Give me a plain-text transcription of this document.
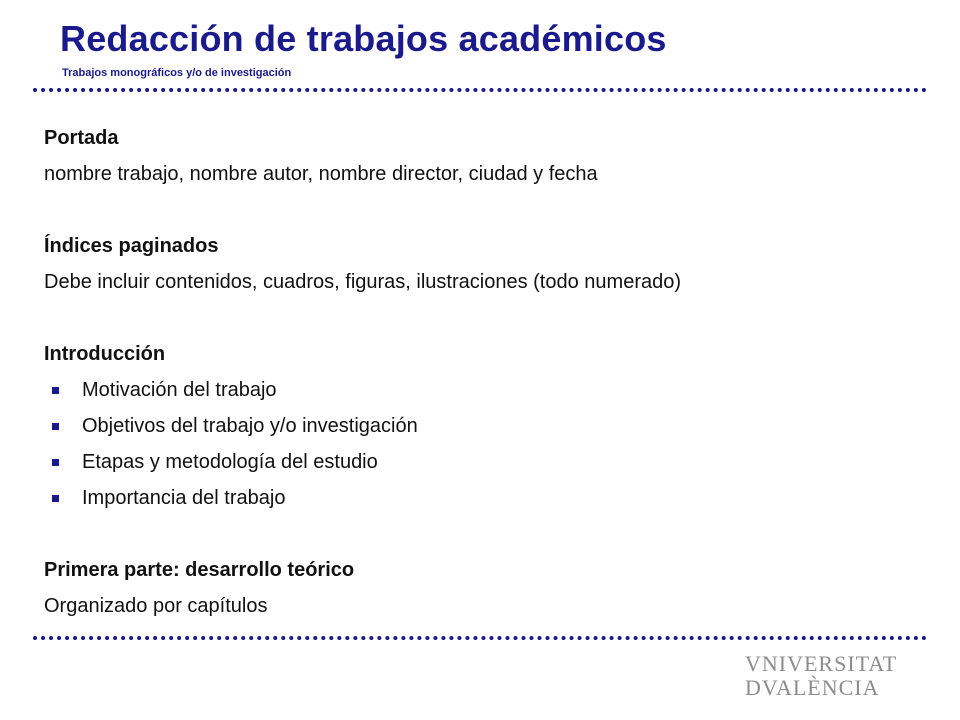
Redacción de trabajos académicos
Trabajos monográficos y/o de investigación
Portada
nombre trabajo, nombre autor, nombre director, ciudad y fecha
Índices paginados
Debe incluir contenidos, cuadros, figuras, ilustraciones (todo numerado)
Introducción
Motivación del trabajo
Objetivos del trabajo y/o investigación
Etapas y metodología del estudio
Importancia del trabajo
Primera parte: desarrollo teórico
Organizado por capítulos
VNIVERSITAT
DVALÈNCIA
